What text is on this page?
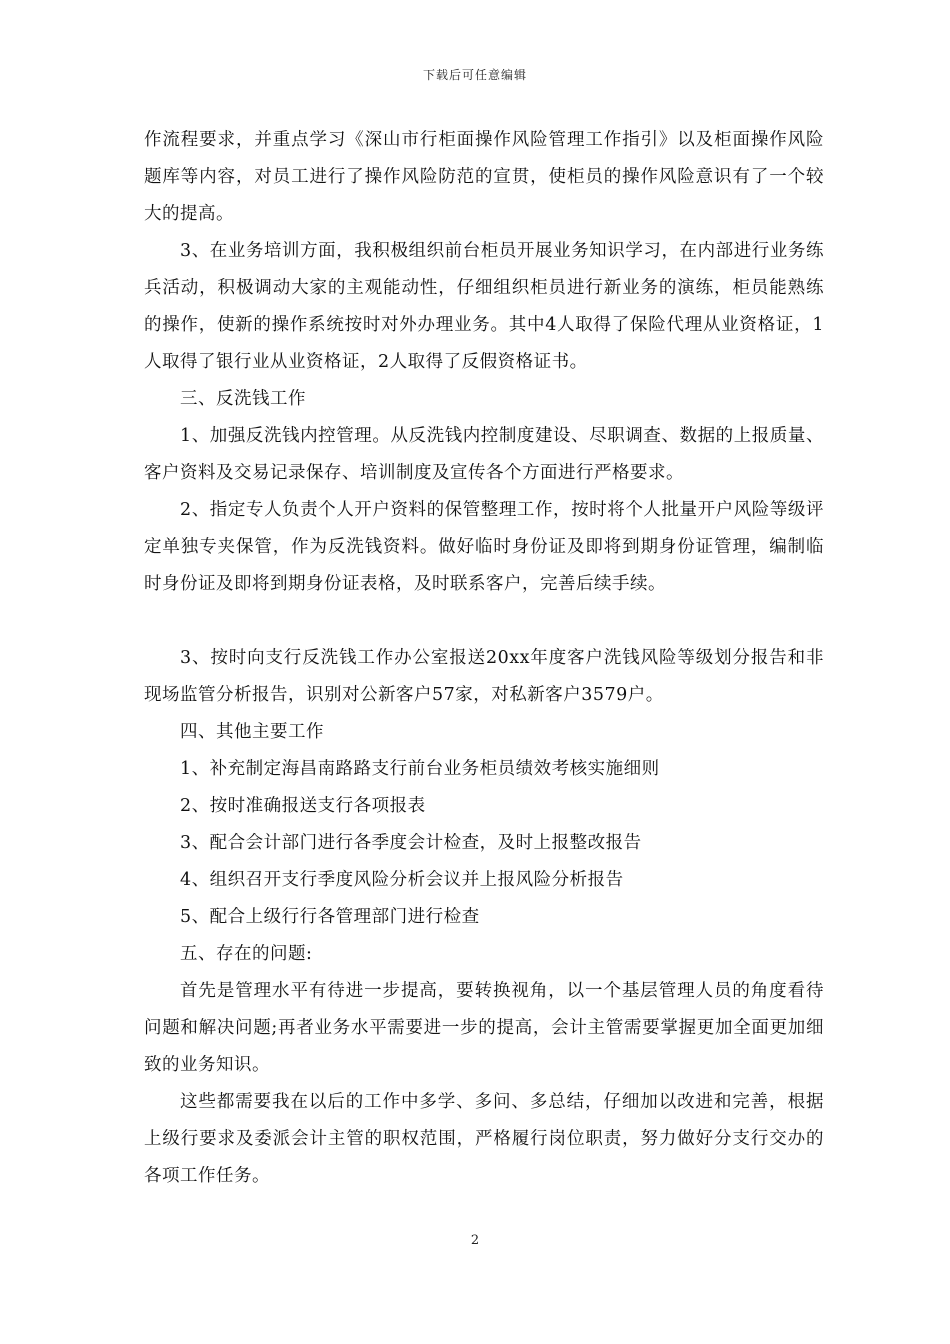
下载后可任意编辑

作流程要求，并重点学习《深山市行柜面操作风险管理工作指引》以及柜面操作风险题库等内容，对员工进行了操作风险防范的宣贯，使柜员的操作风险意识有了一个较大的提高。

3、在业务培训方面，我积极组织前台柜员开展业务知识学习，在内部进行业务练兵活动，积极调动大家的主观能动性，仔细组织柜员进行新业务的演练，柜员能熟练的操作，使新的操作系统按时对外办理业务。其中4人取得了保险代理从业资格证，1人取得了银行业从业资格证，2人取得了反假资格证书。

三、反洗钱工作

1、加强反洗钱内控管理。从反洗钱内控制度建设、尽职调查、数据的上报质量、客户资料及交易记录保存、培训制度及宣传各个方面进行严格要求。

2、指定专人负责个人开户资料的保管整理工作，按时将个人批量开户风险等级评定单独专夹保管，作为反洗钱资料。做好临时身份证及即将到期身份证管理，编制临时身份证及即将到期身份证表格，及时联系客户，完善后续手续。

3、按时向支行反洗钱工作办公室报送20xx年度客户洗钱风险等级划分报告和非现场监管分析报告，识别对公新客户57家，对私新客户3579户。

四、其他主要工作

1、补充制定海昌南路路支行前台业务柜员绩效考核实施细则

2、按时准确报送支行各项报表

3、配合会计部门进行各季度会计检查，及时上报整改报告

4、组织召开支行季度风险分析会议并上报风险分析报告

5、配合上级行行各管理部门进行检查

五、存在的问题:

首先是管理水平有待进一步提高，要转换视角，以一个基层管理人员的角度看待问题和解决问题;再者业务水平需要进一步的提高，会计主管需要掌握更加全面更加细致的业务知识。

这些都需要我在以后的工作中多学、多问、多总结，仔细加以改进和完善，根据上级行要求及委派会计主管的职权范围，严格履行岗位职责，努力做好分支行交办的各项工作任务。

2
